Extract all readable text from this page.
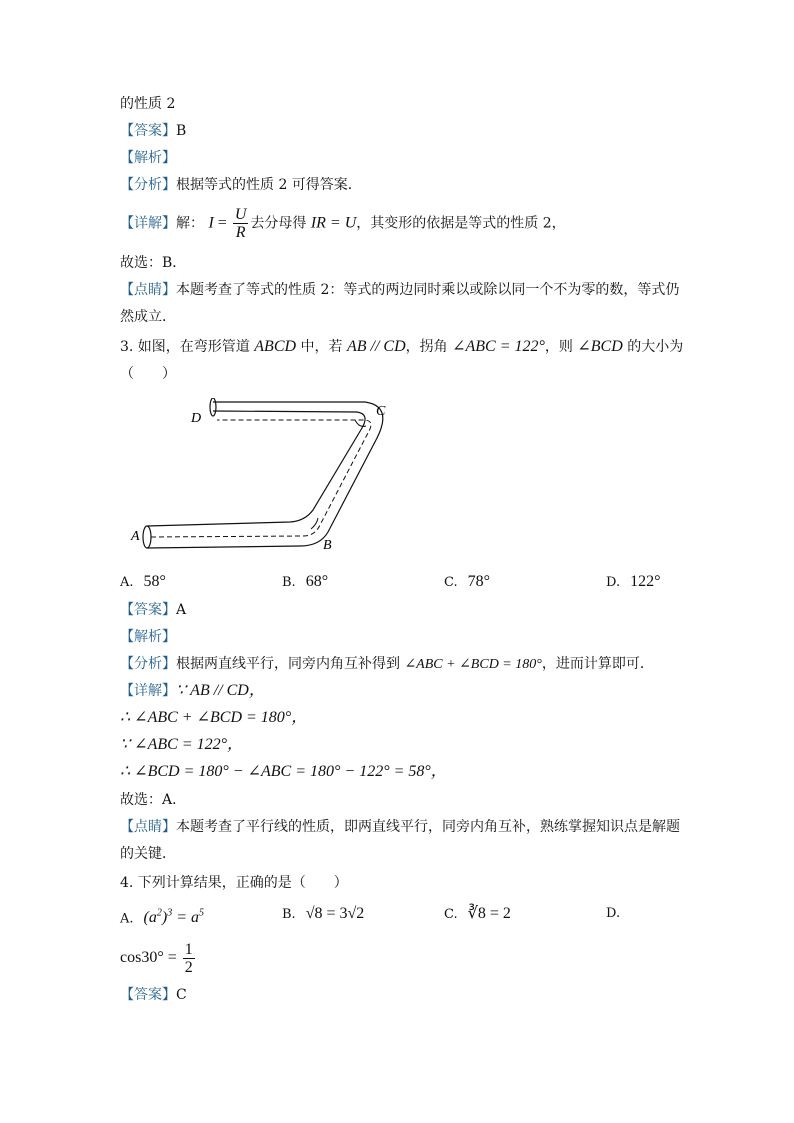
的性质 2
【答案】B
【解析】
【分析】根据等式的性质 2 可得答案．
【详解】解： $I = \frac{U}{R}$ 去分母得 IR = U，其变形的依据是等式的性质 2，
故选：B．
【点睛】本题考查了等式的性质 2：等式的两边同时乘以或除以同一个不为零的数，等式仍
然成立．
3. 如图，在弯形管道 ABCD 中，若 AB // CD，拐角 ∠ABC = 122°，则 ∠BCD 的大小为
（　　）
A
B
C
D
A. 58°	B. 68°	C. 78°	D. 122°
【答案】A
【解析】
【分析】根据两直线平行，同旁内角互补得到 ∠ABC + ∠BCD = 180°，进而计算即可．
【详解】∵ AB // CD，
∴ ∠ABC + ∠BCD = 180°，
∵ ∠ABC = 122°，
∴ ∠BCD = 180° − ∠ABC = 180° − 122° = 58°，
故选：A．
【点睛】本题考查了平行线的性质，即两直线平行，同旁内角互补，熟练掌握知识点是解题
的关键．
4. 下列计算结果，正确的是（　　）
A. $(a^2)^3 = a^5$	B. √8 = 3√2	C. ∛8 = 2	D.
$\cos 30^\circ = \frac{1}{2}$
【答案】C
